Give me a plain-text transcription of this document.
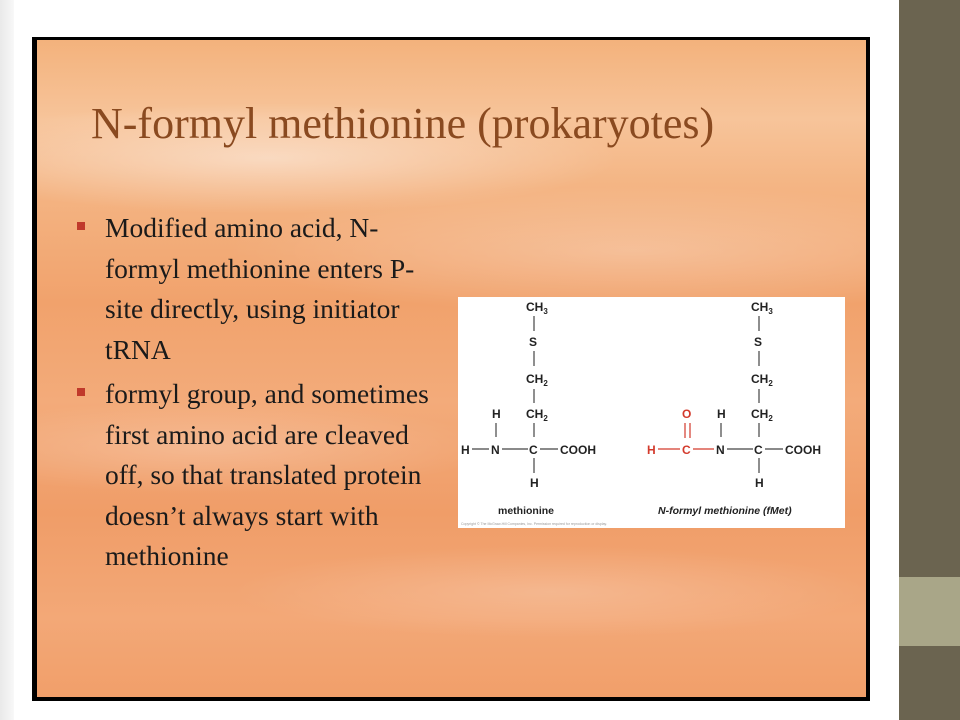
N-formyl methionine (prokaryotes)
Modified amino acid, N-formyl methionine enters P-site directly, using initiator tRNA
formyl group, and sometimes first amino acid are cleaved off, so that translated protein doesn’t always start with methionine
$CH_3$
S
$CH_2$
$CH_2$
H
H N C COOH
H
methionine
$CH_3$
S
$CH_2$
$CH_2$
O H
H C N C COOH
H
N-formyl methionine (fMet)
Copyright © The McGraw-Hill Companies, Inc. Permission required for reproduction or display.
